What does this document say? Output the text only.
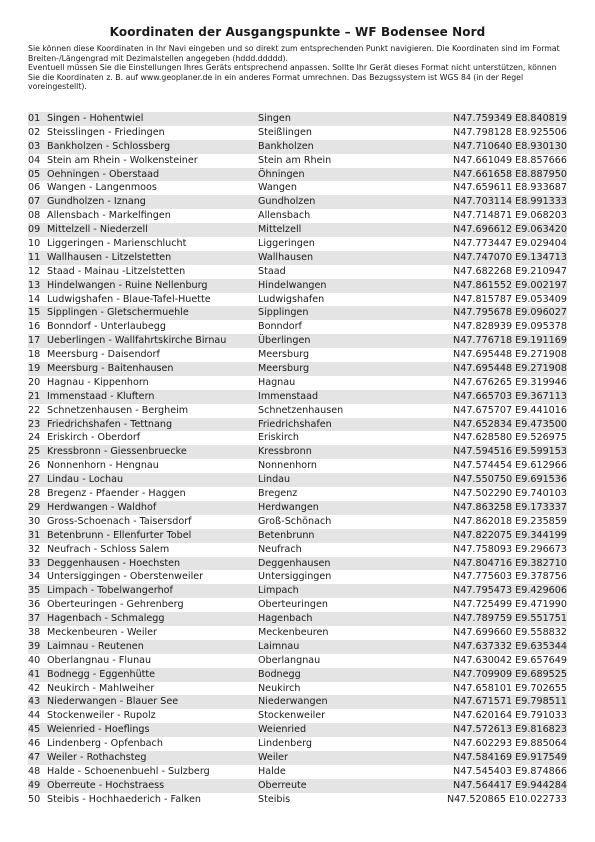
Koordinaten der Ausgangspunkte – WF Bodensee Nord

Sie können diese Koordinaten in Ihr Navi eingeben und so direkt zum entsprechenden Punkt navigieren. Die Koordinaten sind im Format Breiten-/Längengrad mit Dezimalstellen angegeben (hddd.ddddd).

Eventuell müssen Sie die Einstellungen Ihres Geräts entsprechend anpassen. Sollte Ihr Gerät dieses Format nicht unterstützen, können Sie die Koordinaten z. B. auf www.geoplaner.de in ein anderes Format umrechnen. Das Bezugssystem ist WGS 84 (in der Regel voreingestellt).

01 Singen - Hohentwiel	Singen	N47.759349 E8.840819
02 Steisslingen - Friedingen	Steißlingen	N47.798128 E8.925506
03 Bankholzen - Schlossberg	Bankholzen	N47.710640 E8.930130
04 Stein am Rhein - Wolkensteiner	Stein am Rhein	N47.661049 E8.857666
05 Oehningen - Oberstaad	Öhningen	N47.661658 E8.887950
06 Wangen - Langenmoos	Wangen	N47.659611 E8.933687
07 Gundholzen - Iznang	Gundholzen	N47.703114 E8.991333
08 Allensbach - Markelfingen	Allensbach	N47.714871 E9.068203
09 Mittelzell - Niederzell	Mittelzell	N47.696612 E9.063420
10 Liggeringen - Marienschlucht	Liggeringen	N47.773447 E9.029404
11 Wallhausen - Litzelstetten	Wallhausen	N47.747070 E9.134713
12 Staad - Mainau -Litzelstetten	Staad	N47.682268 E9.210947
13 Hindelwangen - Ruine Nellenburg	Hindelwangen	N47.861552 E9.002197
14 Ludwigshafen - Blaue-Tafel-Huette	Ludwigshafen	N47.815787 E9.053409
15 Sipplingen - Gletschermuehle	Sipplingen	N47.795678 E9.096027
16 Bonndorf - Unterlaubegg	Bonndorf	N47.828939 E9.095378
17 Ueberlingen - Wallfahrtskirche Birnau	Überlingen	N47.776718 E9.191169
18 Meersburg - Daisendorf	Meersburg	N47.695448 E9.271908
19 Meersburg - Baitenhausen	Meersburg	N47.695448 E9.271908
20 Hagnau - Kippenhorn	Hagnau	N47.676265 E9.319946
21 Immenstaad - Kluftern	Immenstaad	N47.665703 E9.367113
22 Schnetzenhausen - Bergheim	Schnetzenhausen	N47.675707 E9.441016
23 Friedrichshafen - Tettnang	Friedrichshafen	N47.652834 E9.473500
24 Eriskirch - Oberdorf	Eriskirch	N47.628580 E9.526975
25 Kressbronn - Giessenbruecke	Kressbronn	N47.594516 E9.599153
26 Nonnenhorn - Hengnau	Nonnenhorn	N47.574454 E9.612966
27 Lindau - Lochau	Lindau	N47.550750 E9.691536
28 Bregenz - Pfaender - Haggen	Bregenz	N47.502290 E9.740103
29 Herdwangen - Waldhof	Herdwangen	N47.863258 E9.173337
30 Gross-Schoenach - Taisersdorf	Groß-Schönach	N47.862018 E9.235859
31 Betenbrunn - Ellenfurter Tobel	Betenbrunn	N47.822075 E9.344199
32 Neufrach - Schloss Salem	Neufrach	N47.758093 E9.296673
33 Deggenhausen - Hoechsten	Deggenhausen	N47.804716 E9.382710
34 Untersiggingen - Oberstenweiler	Untersiggingen	N47.775603 E9.378756
35 Limpach - Tobelwangerhof	Limpach	N47.795473 E9.429606
36 Oberteuringen - Gehrenberg	Oberteuringen	N47.725499 E9.471990
37 Hagenbach - Schmalegg	Hagenbach	N47.789759 E9.551751
38 Meckenbeuren - Weiler	Meckenbeuren	N47.699660 E9.558832
39 Laimnau - Reutenen	Laimnau	N47.637332 E9.635344
40 Oberlangnau - Flunau	Oberlangnau	N47.630042 E9.657649
41 Bodnegg - Eggenhütte	Bodnegg	N47.709909 E9.689525
42 Neukirch - Mahlweiher	Neukirch	N47.658101 E9.702655
43 Niederwangen - Blauer See	Niederwangen	N47.671571 E9.798511
44 Stockenweiler - Rupolz	Stockenweiler	N47.620164 E9.791033
45 Weienried - Hoeflings	Weienried	N47.572613 E9.816823
46 Lindenberg - Opfenbach	Lindenberg	N47.602293 E9.885064
47 Weiler - Rothachsteg	Weiler	N47.584169 E9.917549
48 Halde - Schoenenbuehl - Sulzberg	Halde	N47.545403 E9.874866
49 Oberreute - Hochstraess	Oberreute	N47.564417 E9.944284
50 Steibis - Hochhaederich - Falken	Steibis	N47.520865 E10.022733
